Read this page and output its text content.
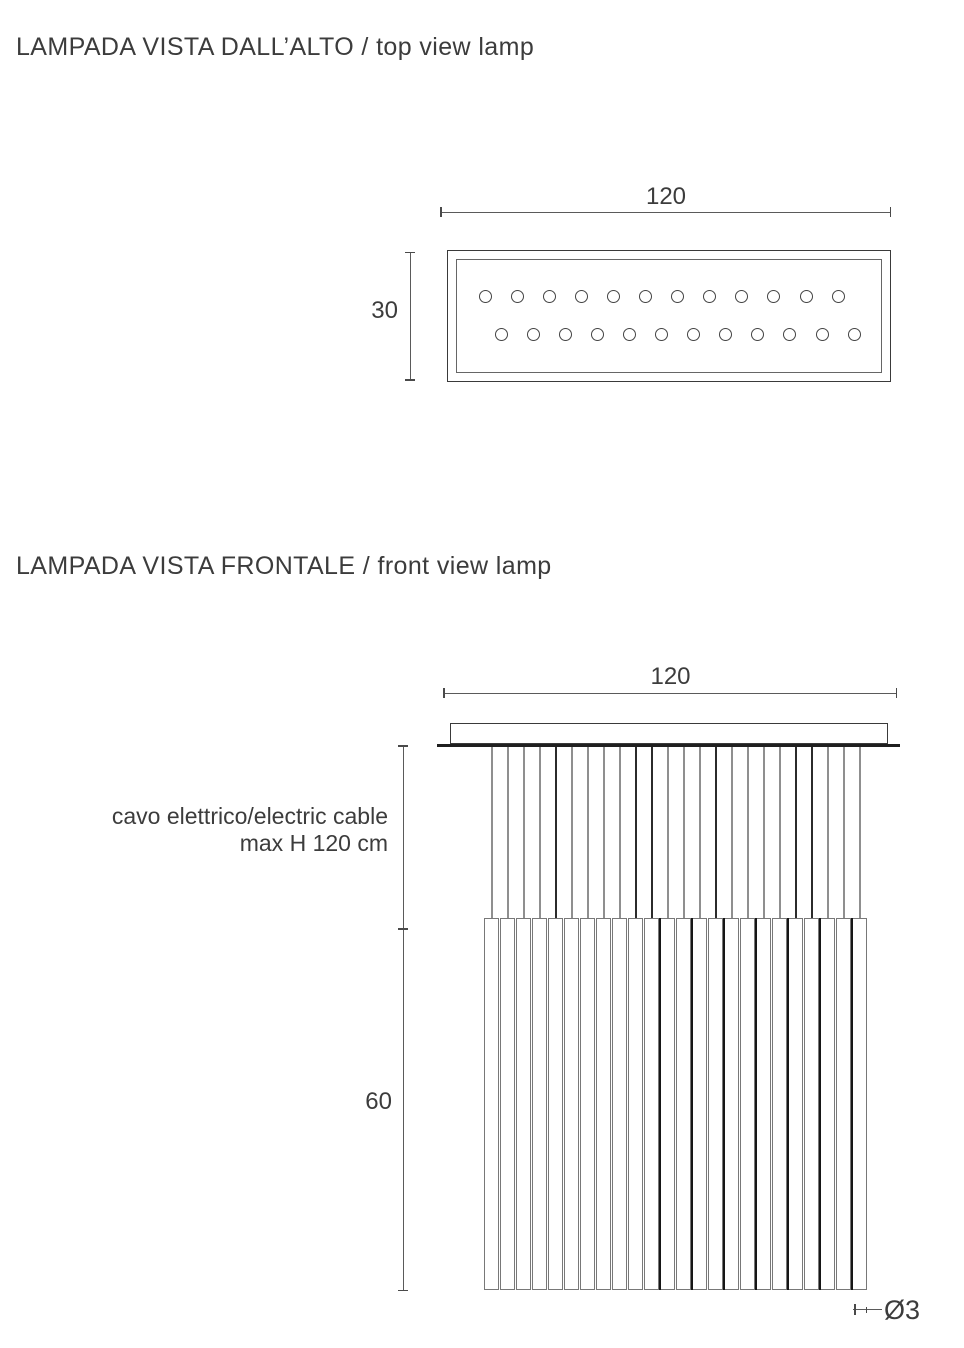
LAMPADA VISTA DALL’ALTO / top view lamp
120
30
LAMPADA VISTA FRONTALE / front view lamp
120
cavo elettrico/electric cable
max H 120 cm
60
Ø3
